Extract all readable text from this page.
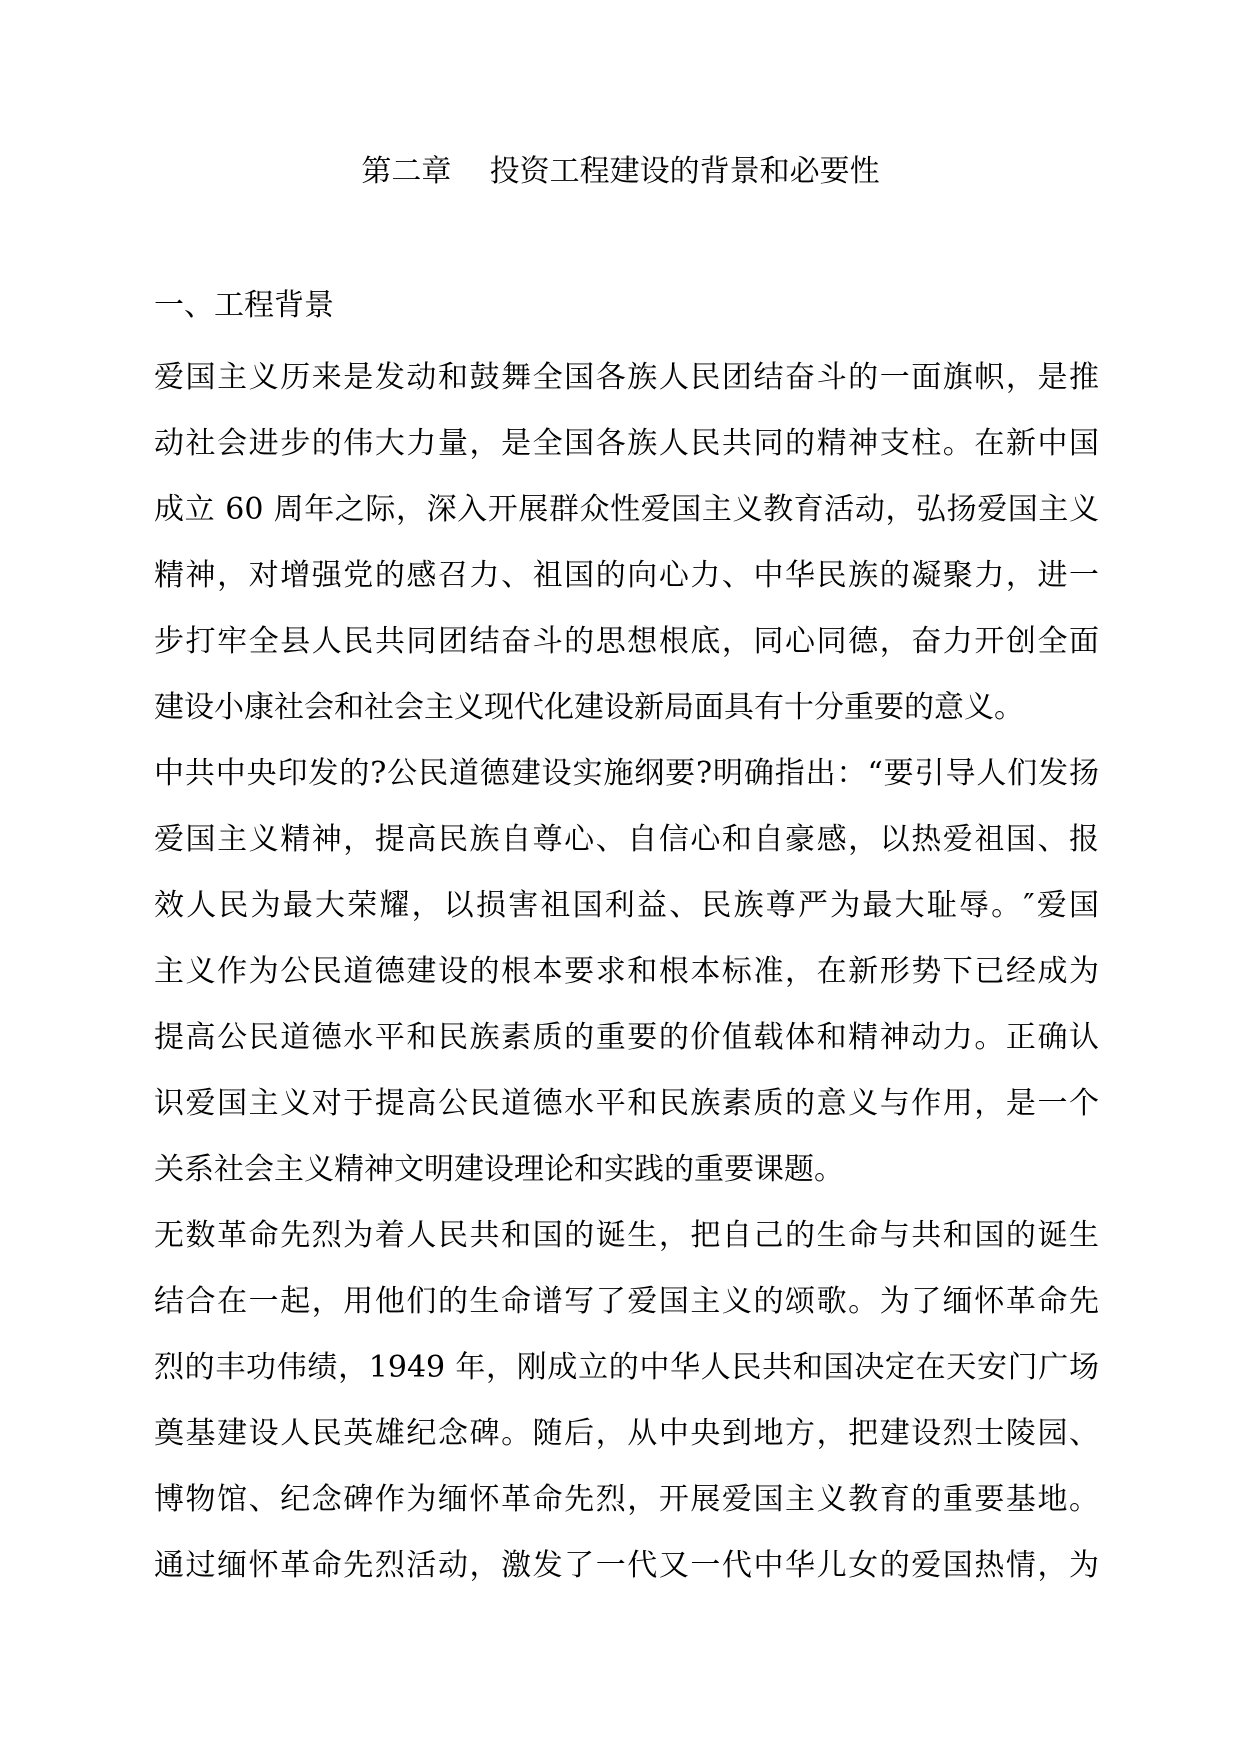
第二章    投资工程建设的背景和必要性
一、工程背景
爱国主义历来是发动和鼓舞全国各族人民团结奋斗的一面旗帜，是推
动社会进步的伟大力量，是全国各族人民共同的精神支柱。在新中国
成立 60 周年之际，深入开展群众性爱国主义教育活动，弘扬爱国主义
精神，对增强党的感召力、祖国的向心力、中华民族的凝聚力，进一
步打牢全县人民共同团结奋斗的思想根底，同心同德，奋力开创全面
建设小康社会和社会主义现代化建设新局面具有十分重要的意义。
中共中央印发的?公民道德建设实施纲要?明确指出：“要引导人们发扬
爱国主义精神，提高民族自尊心、自信心和自豪感，以热爱祖国、报
效人民为最大荣耀，以损害祖国利益、民族尊严为最大耻辱。″爱国
主义作为公民道德建设的根本要求和根本标准，在新形势下已经成为
提高公民道德水平和民族素质的重要的价值载体和精神动力。正确认
识爱国主义对于提高公民道德水平和民族素质的意义与作用，是一个
关系社会主义精神文明建设理论和实践的重要课题。
无数革命先烈为着人民共和国的诞生，把自己的生命与共和国的诞生
结合在一起，用他们的生命谱写了爱国主义的颂歌。为了缅怀革命先
烈的丰功伟绩，1949 年，刚成立的中华人民共和国决定在天安门广场
奠基建设人民英雄纪念碑。随后，从中央到地方，把建设烈士陵园、
博物馆、纪念碑作为缅怀革命先烈，开展爱国主义教育的重要基地。
通过缅怀革命先烈活动，激发了一代又一代中华儿女的爱国热情，为
